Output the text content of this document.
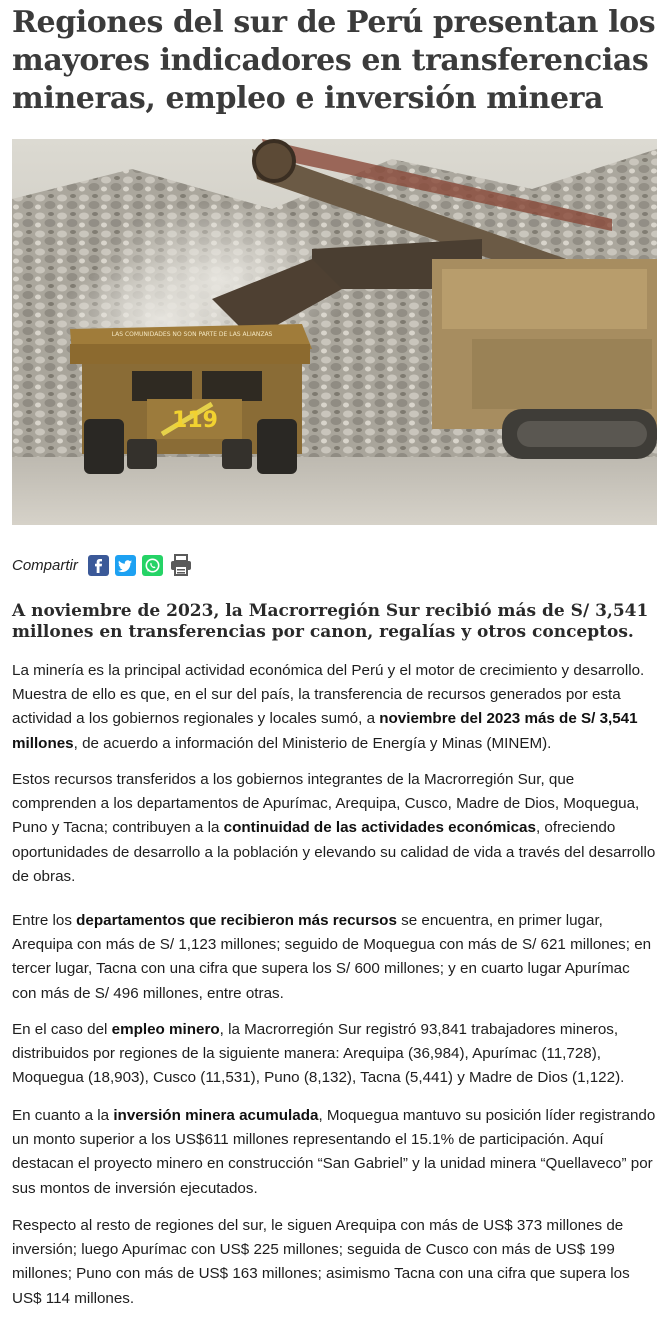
Regiones del sur de Perú presentan los mayores indicadores en transferencias mineras, empleo e inversión minera
LAS COMUNIDADES NO SON PARTE DE LAS ALIANZAS
119
Compartir

A noviembre de 2023, la Macrorregión Sur recibió más de S/ 3,541 millones en transferencias por canon, regalías y otros conceptos.

La minería es la principal actividad económica del Perú y el motor de crecimiento y desarrollo. Muestra de ello es que, en el sur del país, la transferencia de recursos generados por esta actividad a los gobiernos regionales y locales sumó, a noviembre del 2023 más de S/ 3,541 millones, de acuerdo a información del Ministerio de Energía y Minas (MINEM).

Estos recursos transferidos a los gobiernos integrantes de la Macrorregión Sur, que comprenden a los departamentos de Apurímac, Arequipa, Cusco, Madre de Dios, Moquegua, Puno y Tacna; contribuyen a la continuidad de las actividades económicas, ofreciendo oportunidades de desarrollo a la población y elevando su calidad de vida a través del desarrollo de obras.

Entre los departamentos que recibieron más recursos se encuentra, en primer lugar, Arequipa con más de S/ 1,123 millones; seguido de Moquegua con más de S/ 621 millones; en tercer lugar, Tacna con una cifra que supera los S/ 600 millones; y en cuarto lugar Apurímac con más de S/ 496 millones, entre otras.

En el caso del empleo minero, la Macrorregión Sur registró 93,841 trabajadores mineros, distribuidos por regiones de la siguiente manera: Arequipa (36,984), Apurímac (11,728), Moquegua (18,903), Cusco (11,531), Puno (8,132), Tacna (5,441) y Madre de Dios (1,122).

En cuanto a la inversión minera acumulada, Moquegua mantuvo su posición líder registrando un monto superior a los US$611 millones representando el 15.1% de participación. Aquí destacan el proyecto minero en construcción “San Gabriel” y la unidad minera “Quellaveco” por sus montos de inversión ejecutados.

Respecto al resto de regiones del sur, le siguen Arequipa con más de US$ 373 millones de inversión; luego Apurímac con US$ 225 millones; seguida de Cusco con más de US$ 199 millones; Puno con más de US$ 163 millones; asimismo Tacna con una cifra que supera los US$ 114 millones.
